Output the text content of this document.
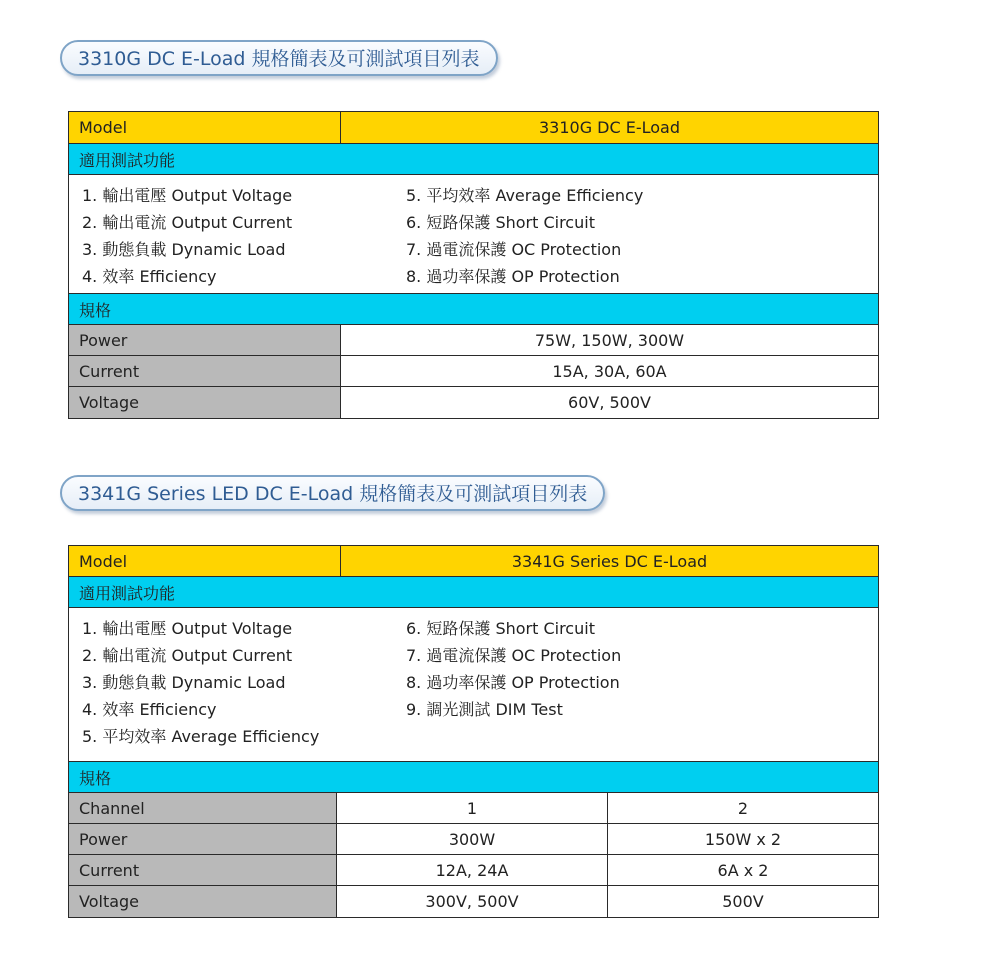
3310G DC E-Load 規格簡表及可測試項目列表
Model	3310G DC E-Load
適用測試功能
1. 輸出電壓 Output Voltage
2. 輸出電流 Output Current
3. 動態負載 Dynamic Load
4. 效率 Efficiency
5. 平均效率 Average Efficiency
6. 短路保護 Short Circuit
7. 過電流保護 OC Protection
8. 過功率保護 OP Protection
規格
Power	75W, 150W, 300W
Current	15A, 30A, 60A
Voltage	60V, 500V
3341G Series LED DC E-Load 規格簡表及可測試項目列表
Model	3341G Series DC E-Load
適用測試功能
1. 輸出電壓 Output Voltage
2. 輸出電流 Output Current
3. 動態負載 Dynamic Load
4. 效率 Efficiency
5. 平均效率 Average Efficiency
6. 短路保護 Short Circuit
7. 過電流保護 OC Protection
8. 過功率保護 OP Protection
9. 調光測試 DIM Test
規格
Channel	1	2
Power	300W	150W x 2
Current	12A, 24A	6A x 2
Voltage	300V, 500V	500V
